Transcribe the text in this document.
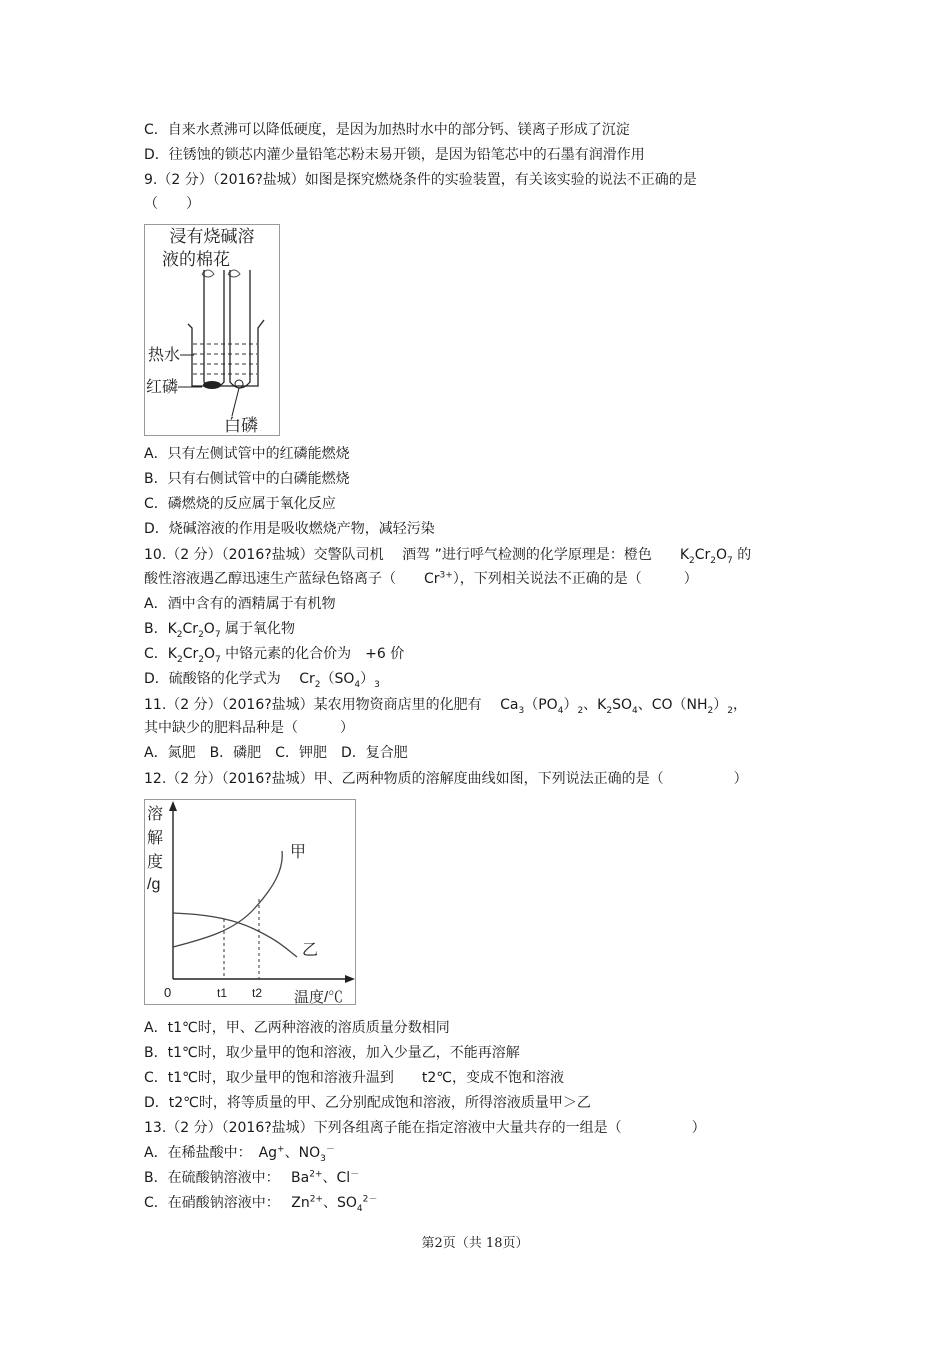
C．自来水煮沸可以降低硬度，是因为加热时水中的部分钙、镁离子形成了沉淀
D．往锈蚀的锁芯内灌少量铅笔芯粉末易开锁，是因为铅笔芯中的石墨有润滑作用
9.（2 分）（2016?盐城）如图是探究燃烧条件的实验装置，有关该实验的说法不正确的是
（　　）
浸有烧碱溶
液的棉花
热水
红磷
白磷
A．只有左侧试管中的红磷能燃烧
B．只有右侧试管中的白磷能燃烧
C．磷燃烧的反应属于氧化反应
D．烧碱溶液的作用是吸收燃烧产物，减轻污染
10.（2 分）（2016?盐城）交警队司机　 酒驾 ”进行呼气检测的化学原理是：橙色　　$K_2Cr_2O_7$ 的
酸性溶液遇乙醇迅速生产蓝绿色铬离子（　　$Cr^{3+}$），下列相关说法不正确的是（　　　）
A．酒中含有的酒精属于有机物
B．$K_2Cr_2O_7$ 属于氧化物
C．$K_2Cr_2O_7$ 中铬元素的化合价为　+6 价
D．硫酸铬的化学式为　 $Cr_2(SO_4)_3$
11.（2 分）（2016?盐城）某农用物资商店里的化肥有　 $Ca_3(PO_4)_2$、$K_2SO_4$、$CO(NH_2)_2$，
其中缺少的肥料品种是（　　　）
A．氮肥　B．磷肥　C．钾肥　D．复合肥
12.（2 分）（2016?盐城）甲、乙两种物质的溶解度曲线如图，下列说法正确的是（　　　　　）
溶
解
度
/g
甲
乙
0	t1 t2 温度/℃
A．t1℃时，甲、乙两种溶液的溶质质量分数相同
B．t1℃时，取少量甲的饱和溶液，加入少量乙，不能再溶解
C．t1℃时，取少量甲的饱和溶液升温到　　t2℃，变成不饱和溶液
D．t2℃时，将等质量的甲、乙分别配成饱和溶液，所得溶液质量甲＞乙
13.（2 分）（2016?盐城）下列各组离子能在指定溶液中大量共存的一组是（　　　　　）
A．在稀盐酸中：　Ag+、$NO_3^-$
B．在硫酸钠溶液中：　 $Ba^{2+}$、Cl－
C．在硝酸钠溶液中：　 $Zn^{2+}$、$SO_4^{2-}$
第2页（共 18页）
